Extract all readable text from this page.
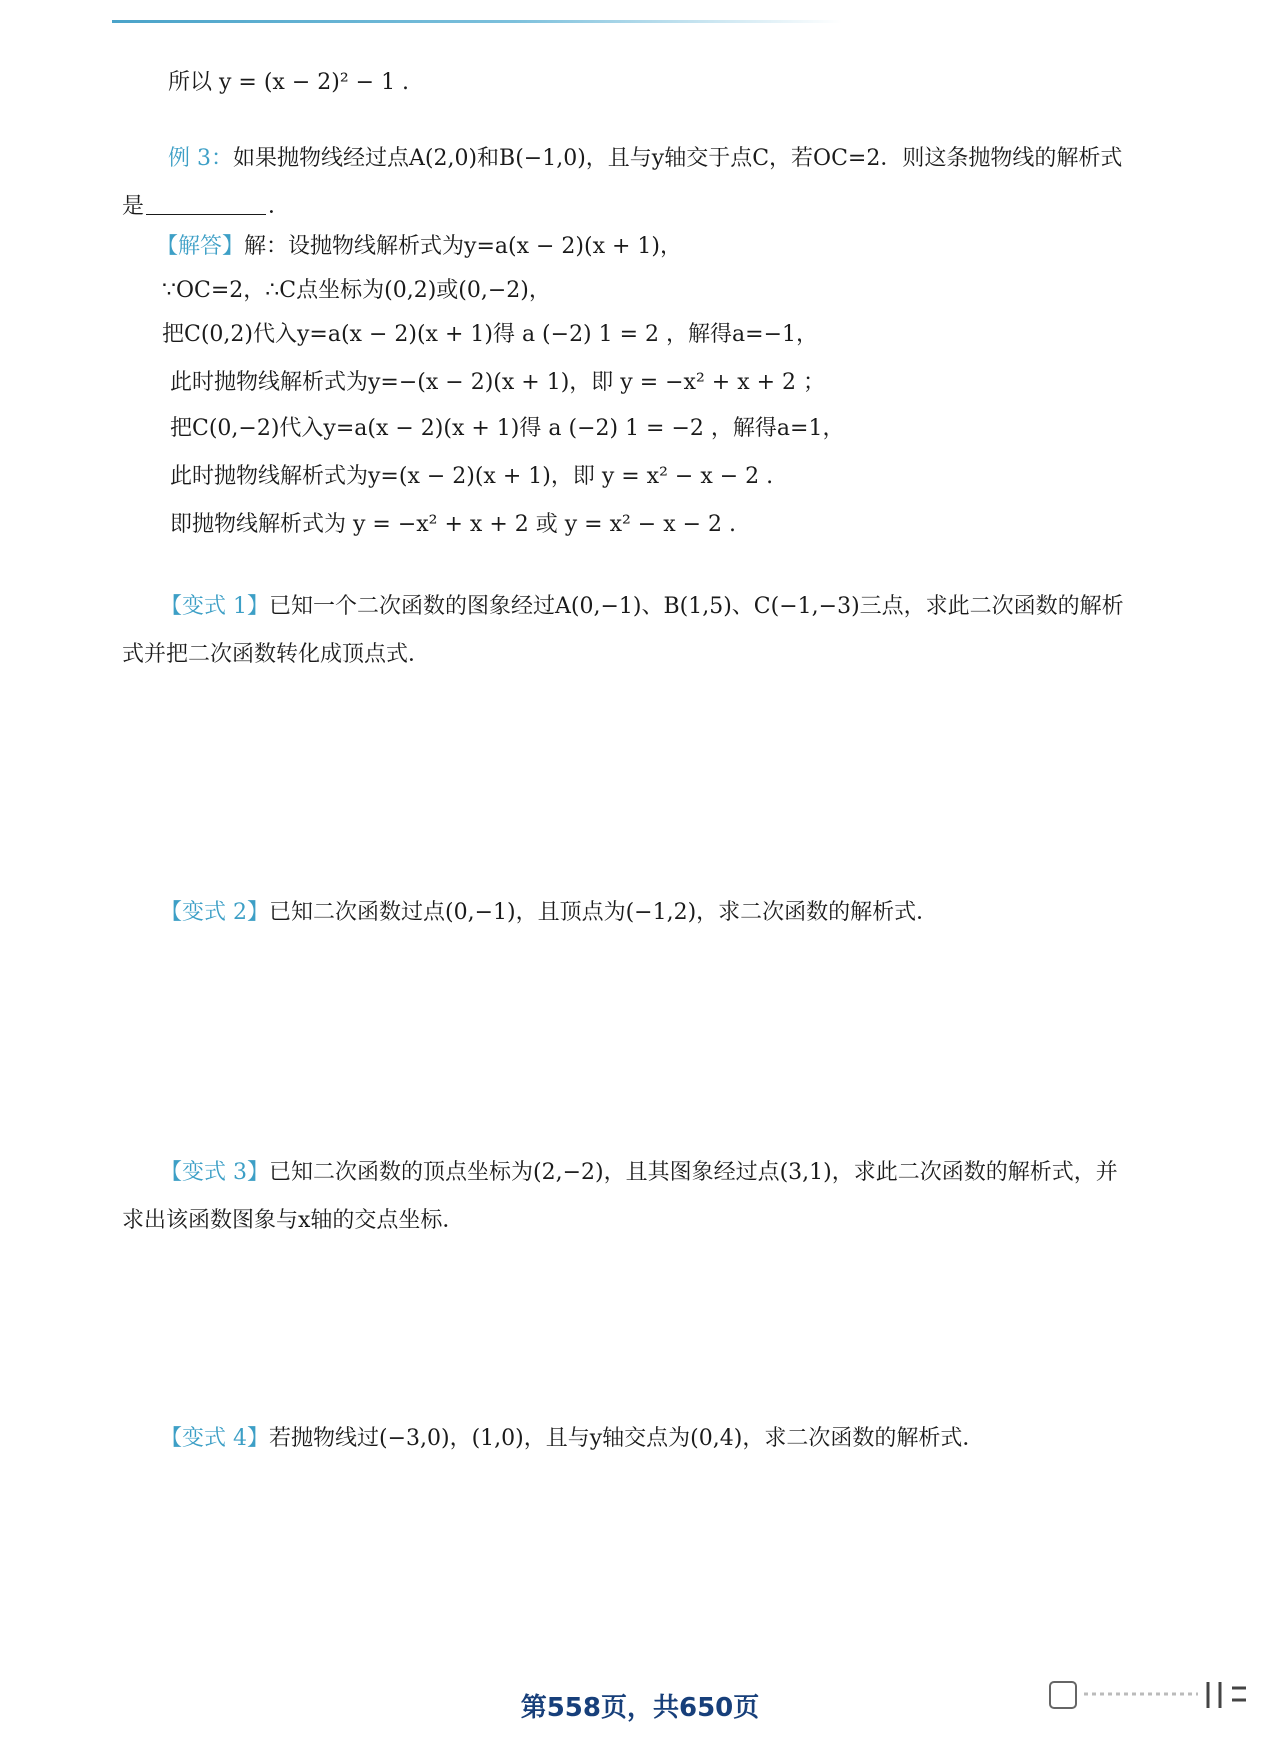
所以 y = (x − 2)² − 1 .
例 3：如果抛物线经过点A(2,0)和B(−1,0)，且与y轴交于点C，若OC=2．则这条抛物线的解析式
是	．
【解答】解：设抛物线解析式为y=a(x − 2)(x + 1)，
∵OC=2，∴C点坐标为(0,2)或(0,−2)，
把C(0,2)代入y=a(x − 2)(x + 1)得 a (−2) 1 = 2 ，解得a=−1，
此时抛物线解析式为y=−(x − 2)(x + 1)，即 y = −x² + x + 2 ；
把C(0,−2)代入y=a(x − 2)(x + 1)得 a (−2) 1 = −2 ，解得a=1，
此时抛物线解析式为y=(x − 2)(x + 1)，即 y = x² − x − 2 .
即抛物线解析式为 y = −x² + x + 2 或 y = x² − x − 2 .
【变式 1】已知一个二次函数的图象经过A(0,−1)、B(1,5)、C(−1,−3)三点，求此二次函数的解析
式并把二次函数转化成顶点式．
【变式 2】已知二次函数过点(0,−1)，且顶点为(−1,2)，求二次函数的解析式．
【变式 3】已知二次函数的顶点坐标为(2,−2)，且其图象经过点(3,1)，求此二次函数的解析式，并
求出该函数图象与x轴的交点坐标．
【变式 4】若抛物线过(−3,0)，(1,0)，且与y轴交点为(0,4)，求二次函数的解析式．
第558页，共650页
